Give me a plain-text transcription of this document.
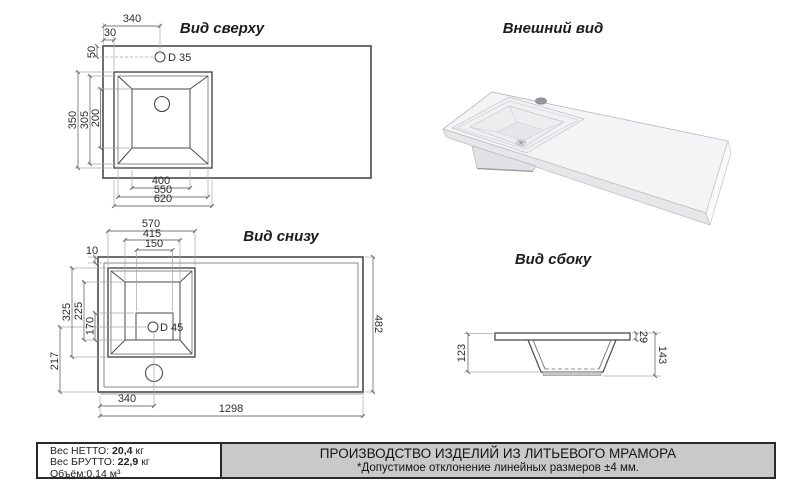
340
30
50	D 35
350 305 200
400
550
620
570
415
150
10
325 225
170
217
D 45
340
1298
482
123
29
143
Вид сверху	Внешний вид
Вид снизу
Вид сбоку
Вес НЕТТО: 20,4 кг
Вес БРУТТО: 22,9 кг
Объём:0,14 м³
ПРОИЗВОДСТВО ИЗДЕЛИЙ ИЗ ЛИТЬЕВОГО МРАМОРА
*Допустимое отклонение линейных размеров ±4 мм.
